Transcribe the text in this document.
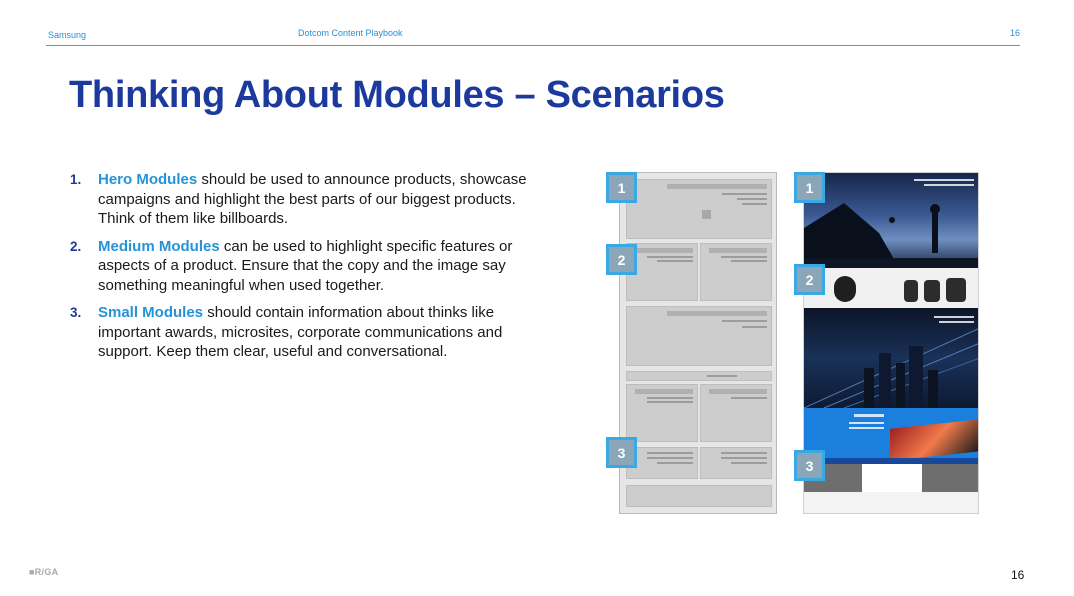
Samsung	Dotcom Content Playbook	16
Thinking About Modules – Scenarios
1. Hero Modules should be used to announce products, showcase campaigns and highlight the best parts of our biggest products. Think of them like billboards.
2. Medium Modules can be used to highlight specific features or aspects of a product. Ensure that the copy and the image say something meaningful when used together.
3. Small Modules should contain information about thinks like important awards, microsites, corporate communications and support. Keep them clear, useful and conversational.
1
2
3
1
2
3
■R/GA	16
